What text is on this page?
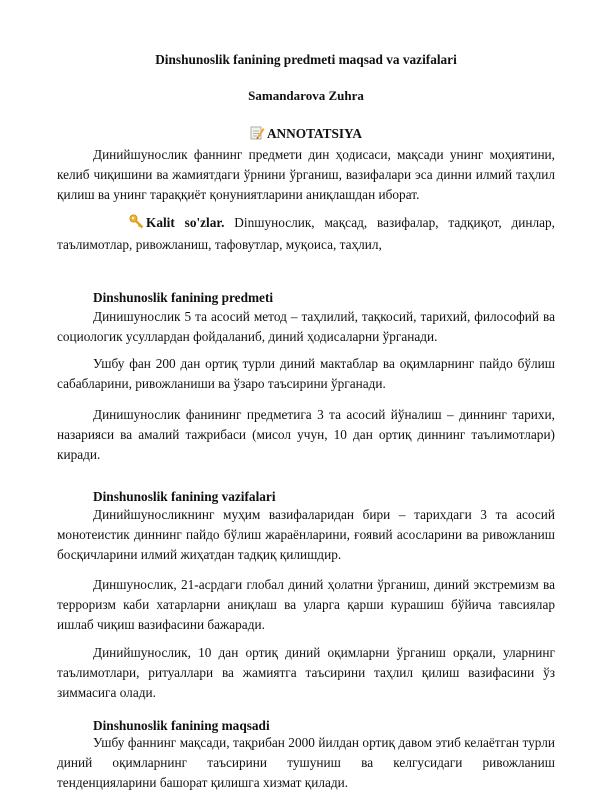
Dinshunoslik fanining predmeti maqsad va vazifalari
Samandarova Zuhra
ANNOTATSIYA

Динийшунослик фаннинг предмети дин ҳодисаси, мақсади унинг моҳиятини, келиб чиқишини ва жамиятдаги ўрнини ўрганиш, вазифалари эса динни илмий таҳлил қилиш ва унинг тараққиёт қонуниятларини аниқлашдан иборат.

Kalit so'zlar. Dinшунослик, мақсад, вазифалар, тадқиқот, динлар, таълимотлар, ривожланиш, тафовутлар, муқоиса, таҳлил,

Dinshunoslik fanining predmeti

Динишунослик 5 та асосий метод – таҳлилий, тақкосий, тарихий, философий ва социологик усуллардан фойдаланиб, диний ҳодисаларни ўрганади.

Ушбу фан 200 дан ортиқ турли диний мактаблар ва оқимларнинг пайдо бўлиш сабабларини, ривожланиши ва ўзаро таъсирини ўрганади.

Динишунослик фанининг предметига 3 та асосий йўналиш – диннинг тарихи, назарияси ва амалий тажрибаси (мисол учун, 10 дан ортиқ диннинг таълимотлари) киради.

Dinshunoslik fanining vazifalari

Динийшуносликнинг муҳим вазифаларидан бири – тарихдаги 3 та асосий монотеистик диннинг пайдо бўлиш жараёнларини, ғоявий асосларини ва ривожланиш босқичларини илмий жиҳатдан тадқиқ қилишдир.

Диншунослик, 21-асрдаги глобал диний ҳолатни ўрганиш, диний экстремизм ва терроризм каби хатарларни аниқлаш ва уларга қарши курашиш бўйича тавсиялар ишлаб чиқиш вазифасини бажаради.

Динийшунослик, 10 дан ортиқ диний оқимларни ўрганиш орқали, уларнинг таълимотлари, ритуаллари ва жамиятга таъсирини таҳлил қилиш вазифасини ўз зиммасига олади.

Dinshunoslik fanining maqsadi

Ушбу фаннинг мақсади, тақрибан 2000 йилдан ортиқ давом этиб келаётган турли диний оқимларнинг таъсирини тушуниш ва келгусидаги ривожланиш тенденцияларини башорат қилишга хизмат қилади.
